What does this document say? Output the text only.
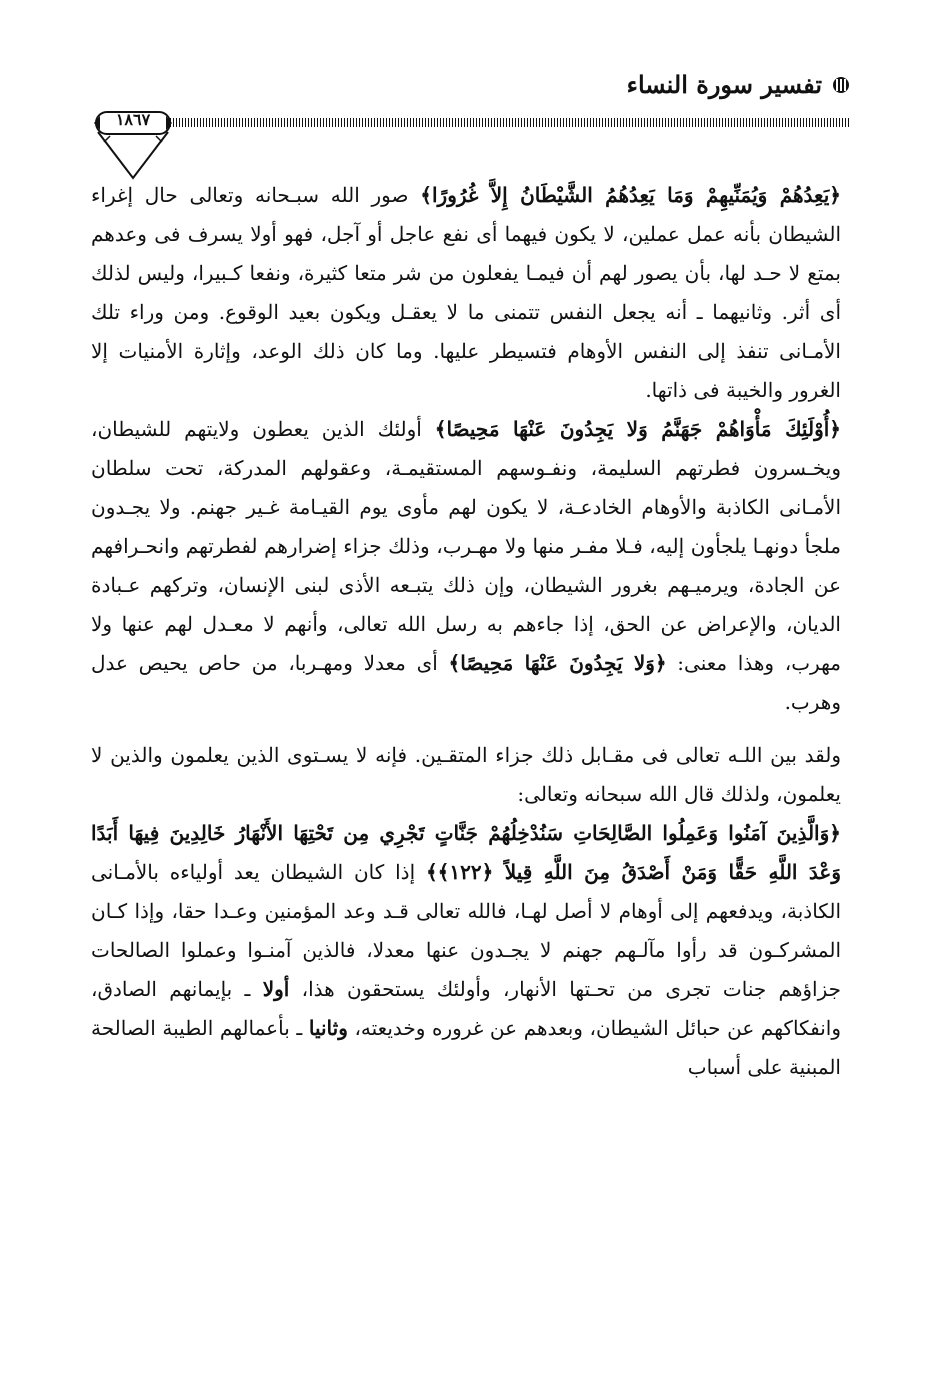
تفسير سورة النساء
١٨٦٧

﴿يَعِدُهُمْ وَيُمَنِّيهِمْ وَمَا يَعِدُهُمُ الشَّيْطَانُ إِلاَّ غُرُورًا﴾ صور الله سبـحانه وتعالى حال إغراء الشيطان بأنه عمل عملين، لا يكون فيهما أى نفع عاجل أو آجل، فهو أولا يسرف فى وعدهم بمتع لا حـد لها، بأن يصور لهم أن فيمـا يفعلون من شر متعا كثيرة، ونفعا كـبيرا، وليس لذلك أى أثر. وثانيهما ـ أنه يجعل النفس تتمنى ما لا يعقـل ويكون بعيد الوقوع. ومن وراء تلك الأمـانى تنفذ إلى النفس الأوهام فتسيطر عليها. وما كان ذلك الوعد، وإثارة الأمنيات إلا الغرور والخيبة فى ذاتها.

﴿أُوْلَئِكَ مَأْوَاهُمْ جَهَنَّمُ وَلا يَجِدُونَ عَنْهَا مَحِيصًا﴾ أولئك الذين يعطون ولايتهم للشيطان، ويخـسرون فطرتهم السليمة، ونفـوسهم المستقيمـة، وعقولهم المدركة، تحت سلطان الأمـانى الكاذبة والأوهام الخادعـة، لا يكون لهم مأوى يوم القيـامة غـير جهنم. ولا يجـدون ملجأ دونهـا يلجأون إليه، فـلا مفـر منها ولا مهـرب، وذلك جزاء إضرارهم لفطرتهم وانحـرافهم عن الجادة، ويرميـهم بغرور الشيطان، وإن ذلك يتبـعه الأذى لبنى الإنسان، وتركهم عـبادة الديان، والإعراض عن الحق، إذا جاءهم به رسل الله تعالى، وأنهم لا معـدل لهم عنها ولا مهرب، وهذا معنى: ﴿وَلا يَجِدُونَ عَنْهَا مَحِيصًا﴾ أى معدلا ومهـربا، من حاص يحيص عدل وهرب.

ولقد بين اللـه تعالى فى مقـابل ذلك جزاء المتقـين. فإنه لا يسـتوى الذين يعلمون والذين لا يعلمون، ولذلك قال الله سبحانه وتعالى:

﴿وَالَّذِينَ آمَنُوا وَعَمِلُوا الصَّالِحَاتِ سَنُدْخِلُهُمْ جَنَّاتٍ تَجْرِي مِن تَحْتِهَا الأَنْهَارُ خَالِدِينَ فِيهَا أَبَدًا وَعْدَ اللَّهِ حَقًّا وَمَنْ أَصْدَقُ مِنَ اللَّهِ قِيلاً ﴿١٢٢﴾﴾ إذا كان الشيطان يعد أولياءه بالأمـانى الكاذبة، ويدفعهم إلى أوهام لا أصل لهـا، فالله تعالى قـد وعد المؤمنين وعـدا حقا، وإذا كـان المشركـون قد رأوا مآلـهم جهنم لا يجـدون عنها معدلا، فالذين آمنـوا وعملوا الصالحات جزاؤهم جنات تجرى من تحـتها الأنهار، وأولئك يستحقون هذا، أولا ـ بإيمانهم الصادق، وانفكاكهم عن حبائل الشيطان، وبعدهم عن غروره وخديعته، وثانيا ـ بأعمالهم الطيبة الصالحة المبنية على أسباب
